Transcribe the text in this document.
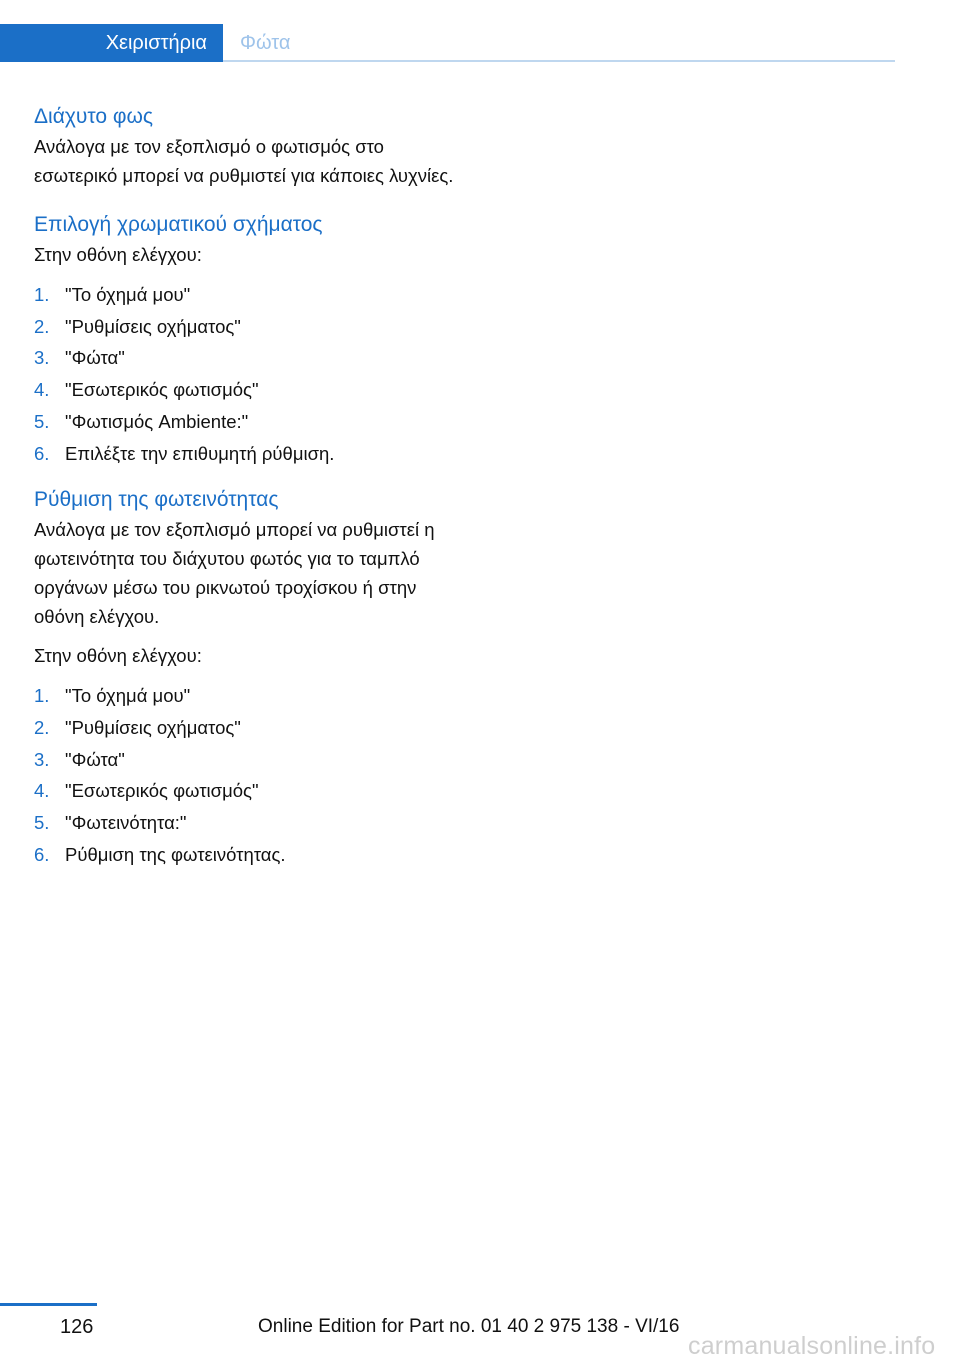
Χειριστήρια	Φώτα
Διάχυτο φως

Ανάλογα με τον εξοπλισμό ο φωτισμός στο εσωτερικό μπορεί να ρυθμιστεί για κάποιες λυχνίες.

Επιλογή χρωματικού σχήματος

Στην οθόνη ελέγχου:

1. "Το όχημά μου"
2. "Ρυθμίσεις οχήματος"
3. "Φώτα"
4. "Εσωτερικός φωτισμός"
5. "Φωτισμός Ambiente:"
6. Επιλέξτε την επιθυμητή ρύθμιση.
Ρύθμιση της φωτεινότητας

Ανάλογα με τον εξοπλισμό μπορεί να ρυθμιστεί η φωτεινότητα του διάχυτου φωτός για το ταμπλό οργάνων μέσω του ρικνωτού τροχίσκου ή στην οθόνη ελέγχου.

Στην οθόνη ελέγχου:

1. "Το όχημά μου"
2. "Ρυθμίσεις οχήματος"
3. "Φώτα"
4. "Εσωτερικός φωτισμός"
5. "Φωτεινότητα:"
6. Ρύθμιση της φωτεινότητας.
126	Online Edition for Part no. 01 40 2 975 138 - VI/16
carmanualsonline.info
